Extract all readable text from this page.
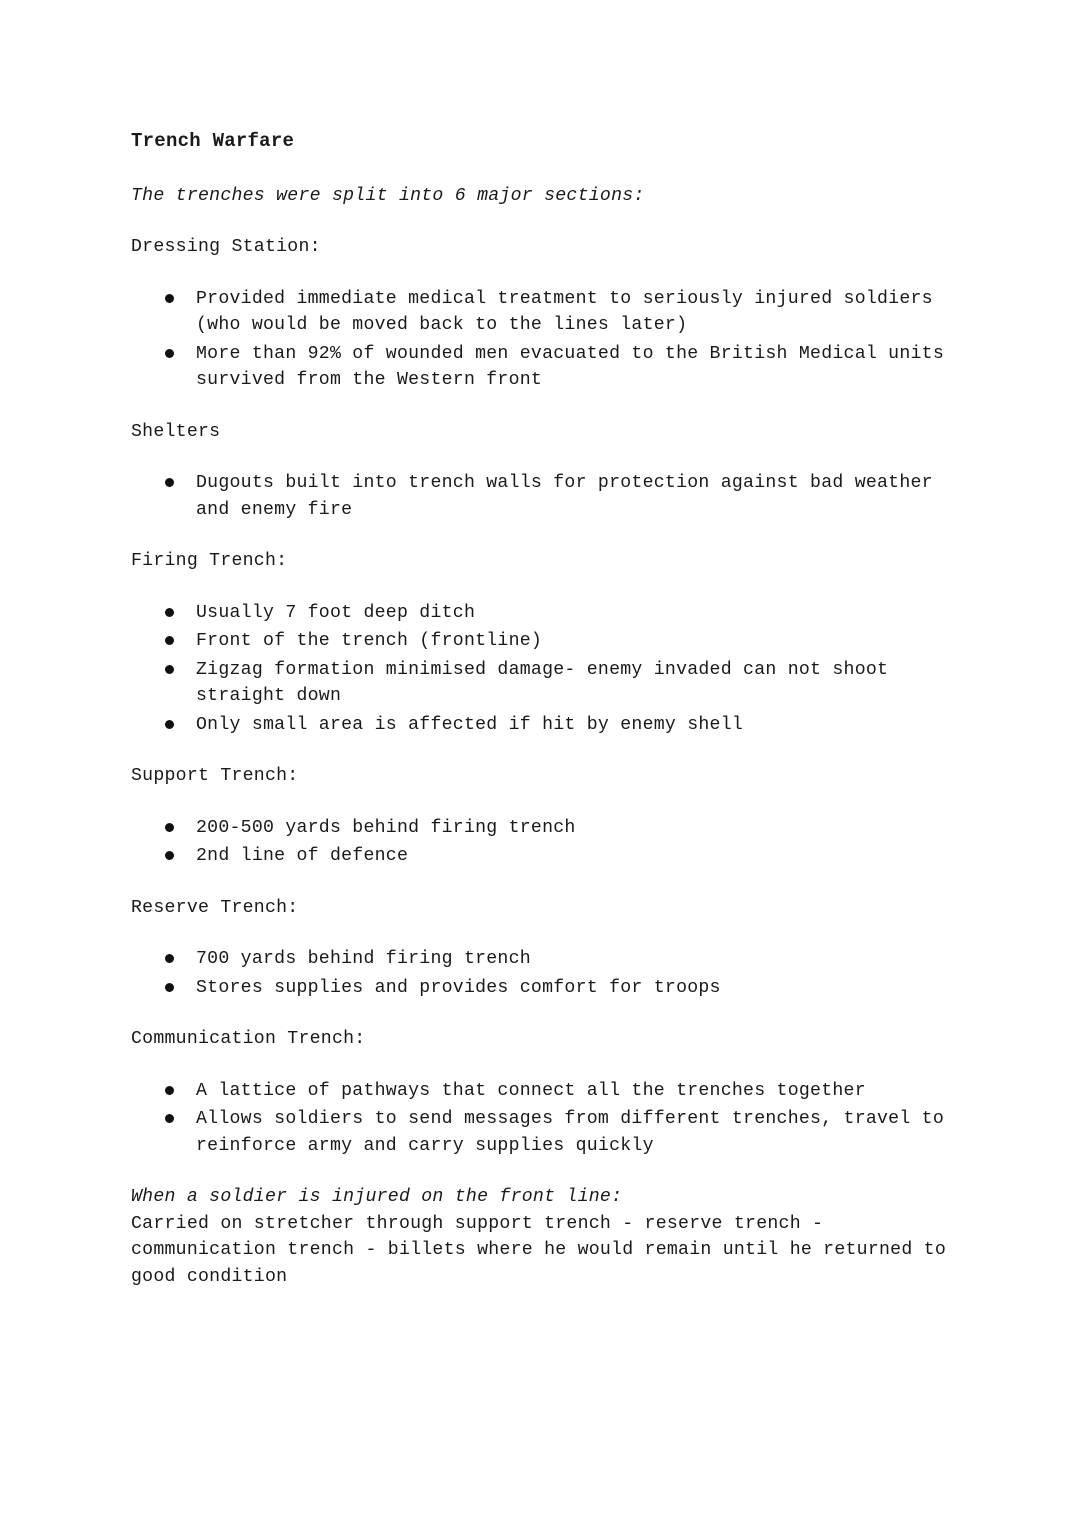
Trench Warfare
The trenches were split into 6 major sections:
Dressing Station:
Provided immediate medical treatment to seriously injured soldiers (who would be moved back to the lines later)
More than 92% of wounded men evacuated to the British Medical units survived from the Western front
Shelters
Dugouts built into trench walls for protection against bad weather and enemy fire
Firing Trench:
Usually 7 foot deep ditch
Front of the trench (frontline)
Zigzag formation minimised damage- enemy invaded can not shoot straight down
Only small area is affected if hit by enemy shell
Support Trench:
200-500 yards behind firing trench
2nd line of defence
Reserve Trench:
700 yards behind firing trench
Stores supplies and provides comfort for troops
Communication Trench:
A lattice of pathways that connect all the trenches together
Allows soldiers to send messages from different trenches, travel to reinforce army and carry supplies quickly
When a soldier is injured on the front line:
Carried on stretcher through support trench - reserve trench - communication trench - billets where he would remain until he returned to good condition
